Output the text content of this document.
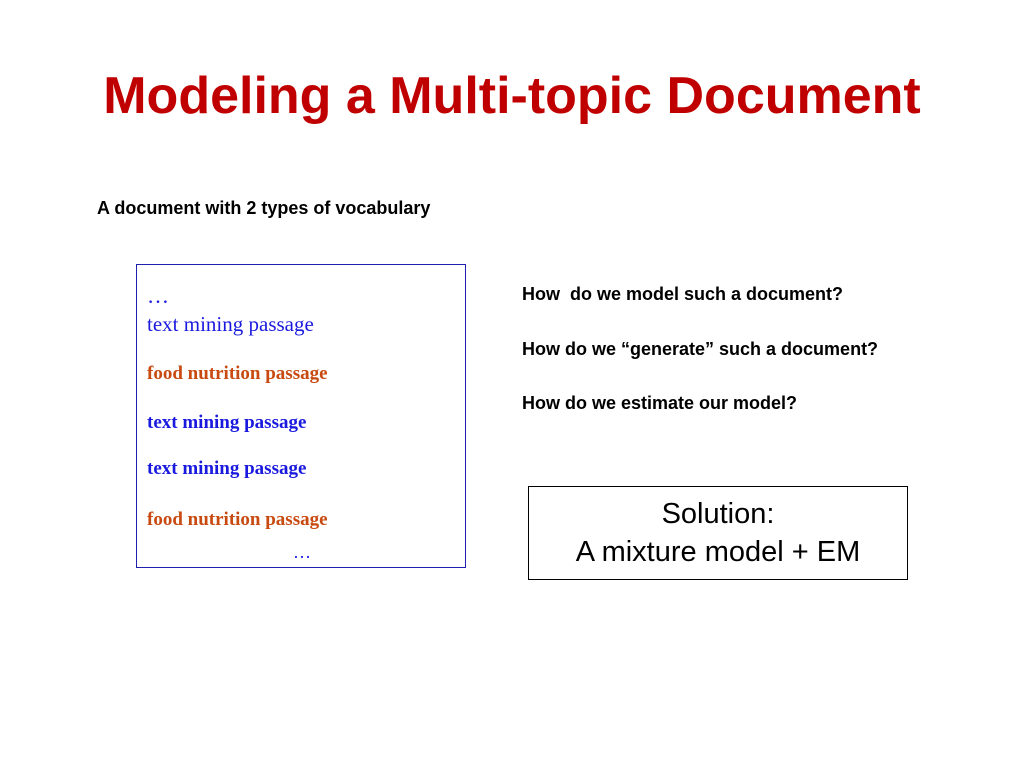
Modeling a Multi-topic Document
A document with 2 types of vocabulary
…
text mining passage
food nutrition passage
text mining passage
text mining passage
food nutrition passage
…
How  do we model such a document?
How do we “generate” such a document?
How do we estimate our model?
Solution:
A mixture model + EM
